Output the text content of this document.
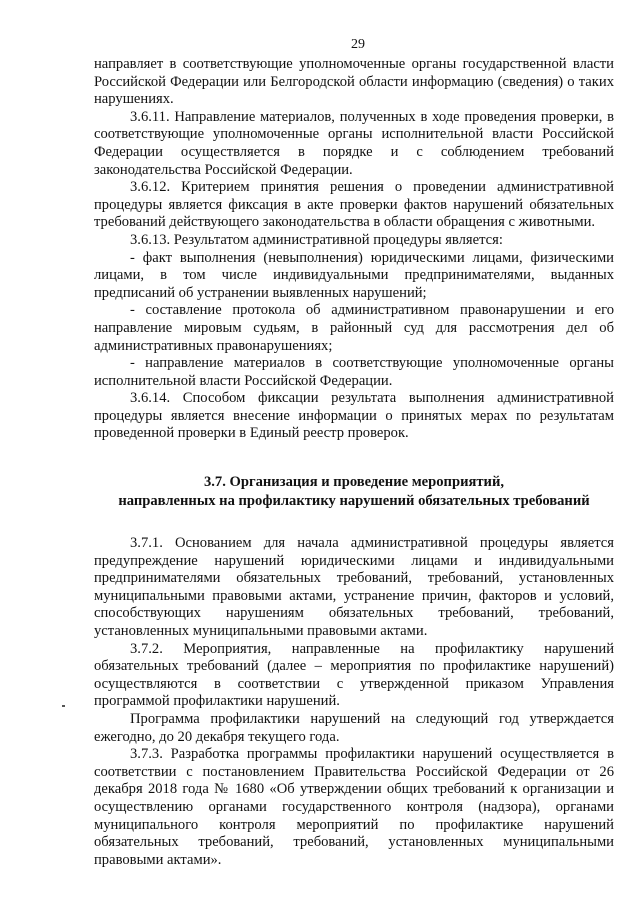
29

направляет в соответствующие уполномоченные органы государственной власти Российской Федерации или Белгородской области информацию (сведения) о таких нарушениях.

3.6.11. Направление материалов, полученных в ходе проведения проверки, в соответствующие уполномоченные органы исполнительной власти Российской Федерации осуществляется в порядке и с соблюдением требований законодательства Российской Федерации.

3.6.12. Критерием принятия решения о проведении административной процедуры является фиксация в акте проверки фактов нарушений обязательных требований действующего законодательства в области обращения с животными.

3.6.13. Результатом административной процедуры является:

- факт выполнения (невыполнения) юридическими лицами, физическими лицами, в том числе индивидуальными предпринимателями, выданных предписаний об устранении выявленных нарушений;

- составление протокола об административном правонарушении и его направление мировым судьям, в районный суд для рассмотрения дел об административных правонарушениях;

- направление материалов в соответствующие уполномоченные органы исполнительной власти Российской Федерации.

3.6.14. Способом фиксации результата выполнения административной процедуры является внесение информации о принятых мерах по результатам проведенной проверки в Единый реестр проверок.

3.7. Организация и проведение мероприятий,
направленных на профилактику нарушений обязательных требований

3.7.1. Основанием для начала административной процедуры является предупреждение нарушений юридическими лицами и индивидуальными предпринимателями обязательных требований, требований, установленных муниципальными правовыми актами, устранение причин, факторов и условий, способствующих нарушениям обязательных требований, требований, установленных муниципальными правовыми актами.

3.7.2. Мероприятия, направленные на профилактику нарушений обязательных требований (далее – мероприятия по профилактике нарушений) осуществляются в соответствии с утвержденной приказом Управления программой профилактики нарушений.

Программа профилактики нарушений на следующий год утверждается ежегодно, до 20 декабря текущего года.

3.7.3. Разработка программы профилактики нарушений осуществляется в соответствии с постановлением Правительства Российской Федерации от 26 декабря 2018 года № 1680 «Об утверждении общих требований к организации и осуществлению органами государственного контроля (надзора), органами муниципального контроля мероприятий по профилактике нарушений обязательных требований, требований, установленных муниципальными правовыми актами».
